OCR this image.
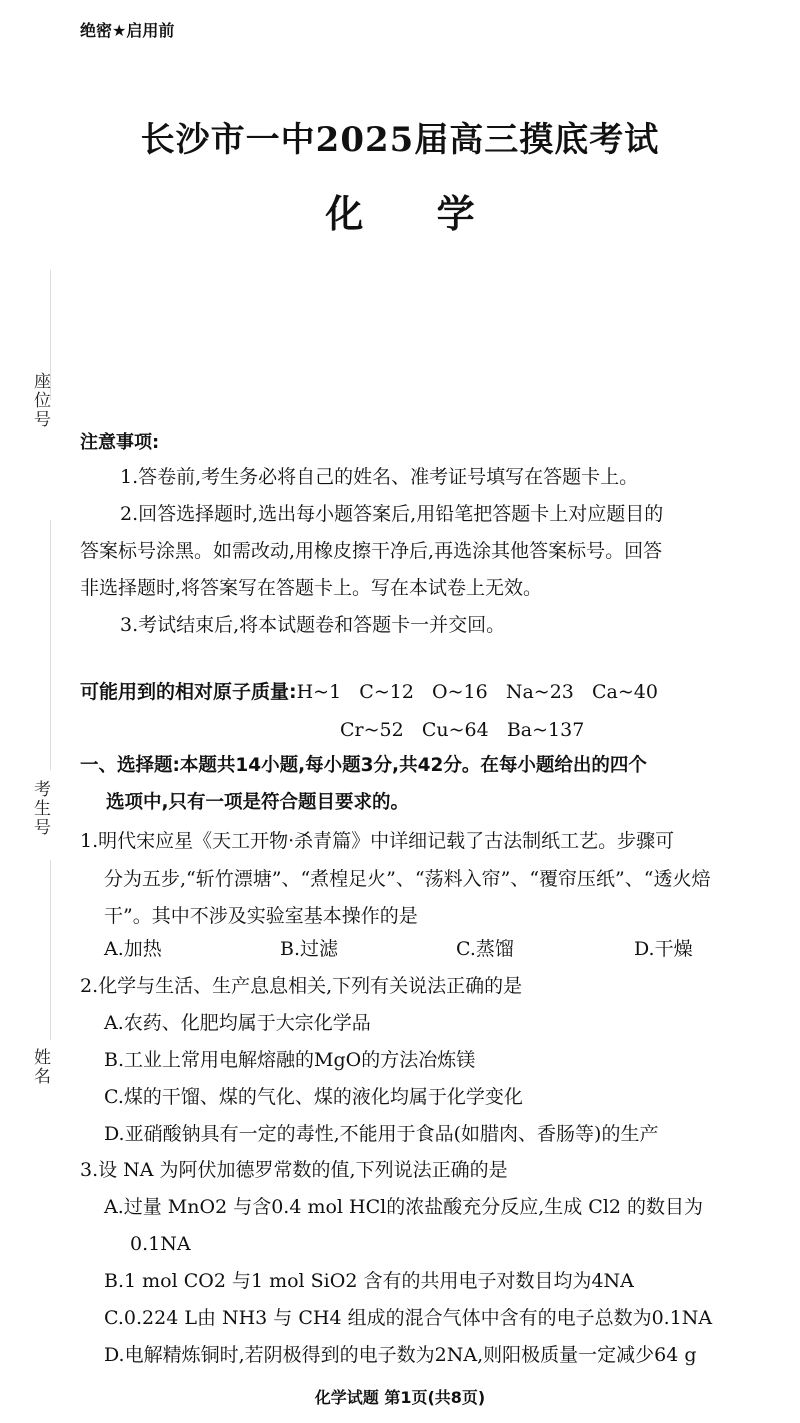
绝密★启用前
长沙市一中2025届高三摸底考试
化 学
座位号
考生号
姓名
注意事项:
1.答卷前,考生务必将自己的姓名、准考证号填写在答题卡上。
2.回答选择题时,选出每小题答案后,用铅笔把答题卡上对应题目的
答案标号涂黑。如需改动,用橡皮擦干净后,再选涂其他答案标号。回答
非选择题时,将答案写在答题卡上。写在本试卷上无效。
3.考试结束后,将本试题卷和答题卡一并交回。
可能用到的相对原子质量:H~1   C~12   O~16   Na~23   Ca~40
Cr~52   Cu~64   Ba~137
一、选择题:本题共14小题,每小题3分,共42分。在每小题给出的四个
选项中,只有一项是符合题目要求的。
1.明代宋应星《天工开物·杀青篇》中详细记载了古法制纸工艺。步骤可
分为五步,“斩竹漂塘”、“煮楻足火”、“荡料入帘”、“覆帘压纸”、“透火焙
干”。其中不涉及实验室基本操作的是
A.加热	B.过滤	C.蒸馏	D.干燥
2.化学与生活、生产息息相关,下列有关说法正确的是
A.农药、化肥均属于大宗化学品
B.工业上常用电解熔融的MgO的方法冶炼镁
C.煤的干馏、煤的气化、煤的液化均属于化学变化
D.亚硝酸钠具有一定的毒性,不能用于食品(如腊肉、香肠等)的生产
3.设 NA 为阿伏加德罗常数的值,下列说法正确的是
A.过量 MnO2 与含0.4 mol HCl的浓盐酸充分反应,生成 Cl2 的数目为
0.1NA
B.1 mol CO2 与1 mol SiO2 含有的共用电子对数目均为4NA
C.0.224 L由 NH3 与 CH4 组成的混合气体中含有的电子总数为0.1NA
D.电解精炼铜时,若阴极得到的电子数为2NA,则阳极质量一定减少64 g
化学试题 第1页(共8页)
